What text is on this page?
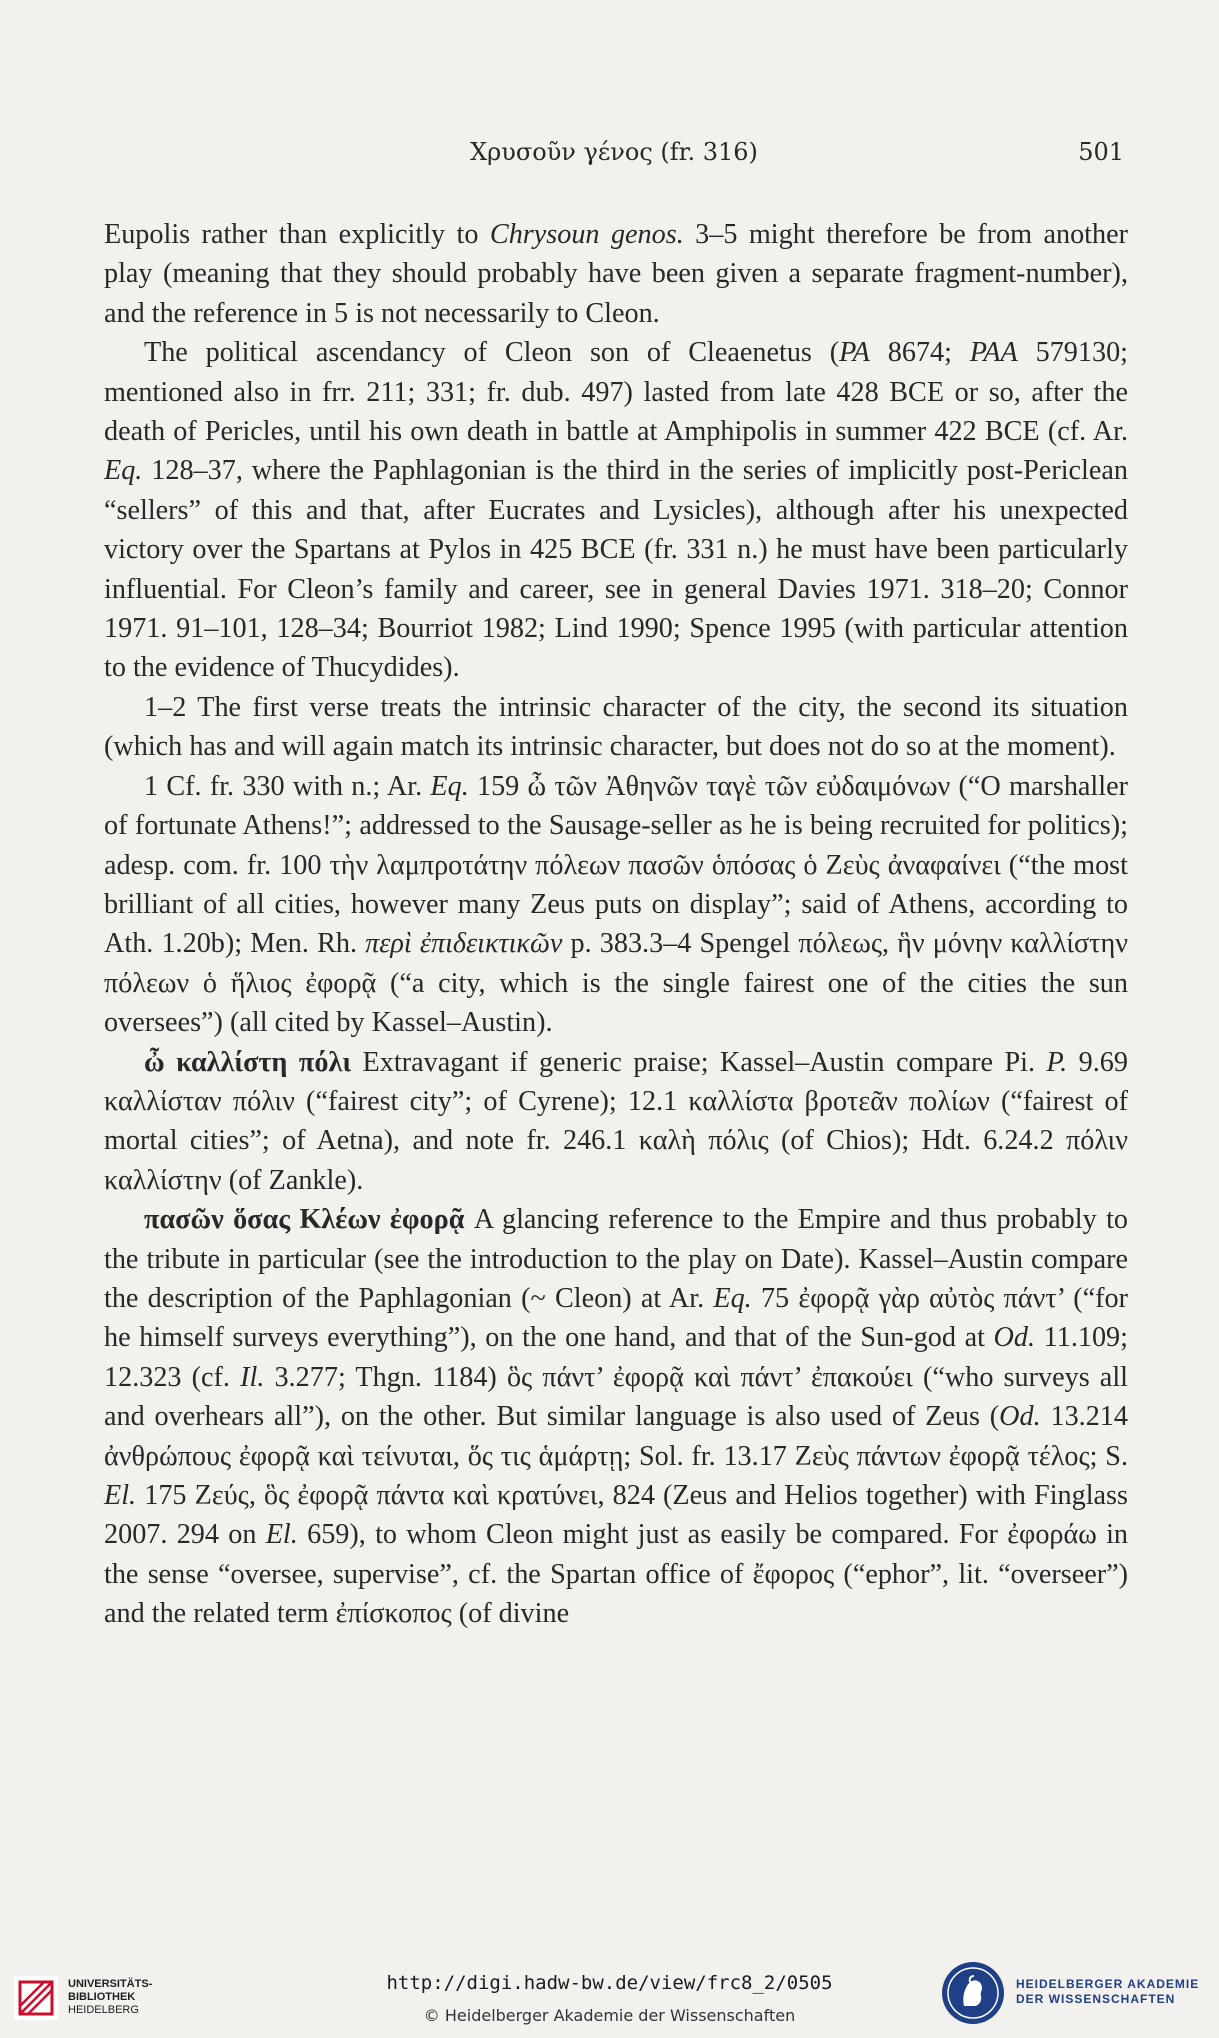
Χρυσοῦν γένος (fr. 316)	501

Eupolis rather than explicitly to Chrysoun genos. 3–5 might therefore be from another play (meaning that they should probably have been given a separate fragment-number), and the reference in 5 is not necessarily to Cleon.

The political ascendancy of Cleon son of Cleaenetus (PA 8674; PAA 579130; mentioned also in frr. 211; 331; fr. dub. 497) lasted from late 428 BCE or so, after the death of Pericles, until his own death in battle at Amphipolis in summer 422 BCE (cf. Ar. Eq. 128–37, where the Paphlagonian is the third in the series of implicitly post-Periclean “sellers” of this and that, after Eucrates and Lysicles), although after his unexpected victory over the Spartans at Pylos in 425 BCE (fr. 331 n.) he must have been particularly influential. For Cleon’s family and career, see in general Davies 1971. 318–20; Connor 1971. 91–101, 128–34; Bourriot 1982; Lind 1990; Spence 1995 (with particular attention to the evidence of Thucydides).

1–2 The first verse treats the intrinsic character of the city, the second its situation (which has and will again match its intrinsic character, but does not do so at the moment).

1 Cf. fr. 330 with n.; Ar. Eq. 159 ὦ τῶν Ἀθηνῶν ταγὲ τῶν εὐδαιμόνων (“O marshaller of fortunate Athens!”; addressed to the Sausage-seller as he is being recruited for politics); adesp. com. fr. 100 τὴν λαμπροτάτην πόλεων πασῶν ὁπόσας ὁ Ζεὺς ἀναφαίνει (“the most brilliant of all cities, however many Zeus puts on display”; said of Athens, according to Ath. 1.20b); Men. Rh. περὶ ἐπιδεικτικῶν p. 383.3–4 Spengel πόλεως, ἣν μόνην καλλίστην πόλεων ὁ ἥλιος ἐφορᾷ (“a city, which is the single fairest one of the cities the sun oversees”) (all cited by Kassel–Austin).

ὦ καλλίστη πόλι Extravagant if generic praise; Kassel–Austin compare Pi. P. 9.69 καλλίσταν πόλιν (“fairest city”; of Cyrene); 12.1 καλλίστα βροτεᾶν πολίων (“fairest of mortal cities”; of Aetna), and note fr. 246.1 καλὴ πόλις (of Chios); Hdt. 6.24.2 πόλιν καλλίστην (of Zankle).

πασῶν ὅσας Κλέων ἐφορᾷ A glancing reference to the Empire and thus probably to the tribute in particular (see the introduction to the play on Date). Kassel–Austin compare the description of the Paphlagonian (~ Cleon) at Ar. Eq. 75 ἐφορᾷ γὰρ αὐτὸς πάντ’ (“for he himself surveys everything”), on the one hand, and that of the Sun-god at Od. 11.109; 12.323 (cf. Il. 3.277; Thgn. 1184) ὃς πάντ’ ἐφορᾷ καὶ πάντ’ ἐπακούει (“who surveys all and overhears all”), on the other. But similar language is also used of Zeus (Od. 13.214 ἀνθρώπους ἐφορᾷ καὶ τείνυται, ὅς τις ἁμάρτῃ; Sol. fr. 13.17 Ζεὺς πάντων ἐφορᾷ τέλος; S. El. 175 Ζεύς, ὃς ἐφορᾷ πάντα καὶ κρατύνει, 824 (Zeus and Helios together) with Finglass 2007. 294 on El. 659), to whom Cleon might just as easily be compared. For ἐφοράω in the sense “oversee, supervise”, cf. the Spartan office of ἔφορος (“ephor”, lit. “overseer”) and the related term ἐπίσκοπος (of divine

UNIVERSITÄTS-
BIBLIOTHEK
HEIDELBERG
http://digi.hadw-bw.de/view/frc8_2/0505
© Heidelberger Akademie der Wissenschaften
HEIDELBERGER AKADEMIE
DER WISSENSCHAFTEN
